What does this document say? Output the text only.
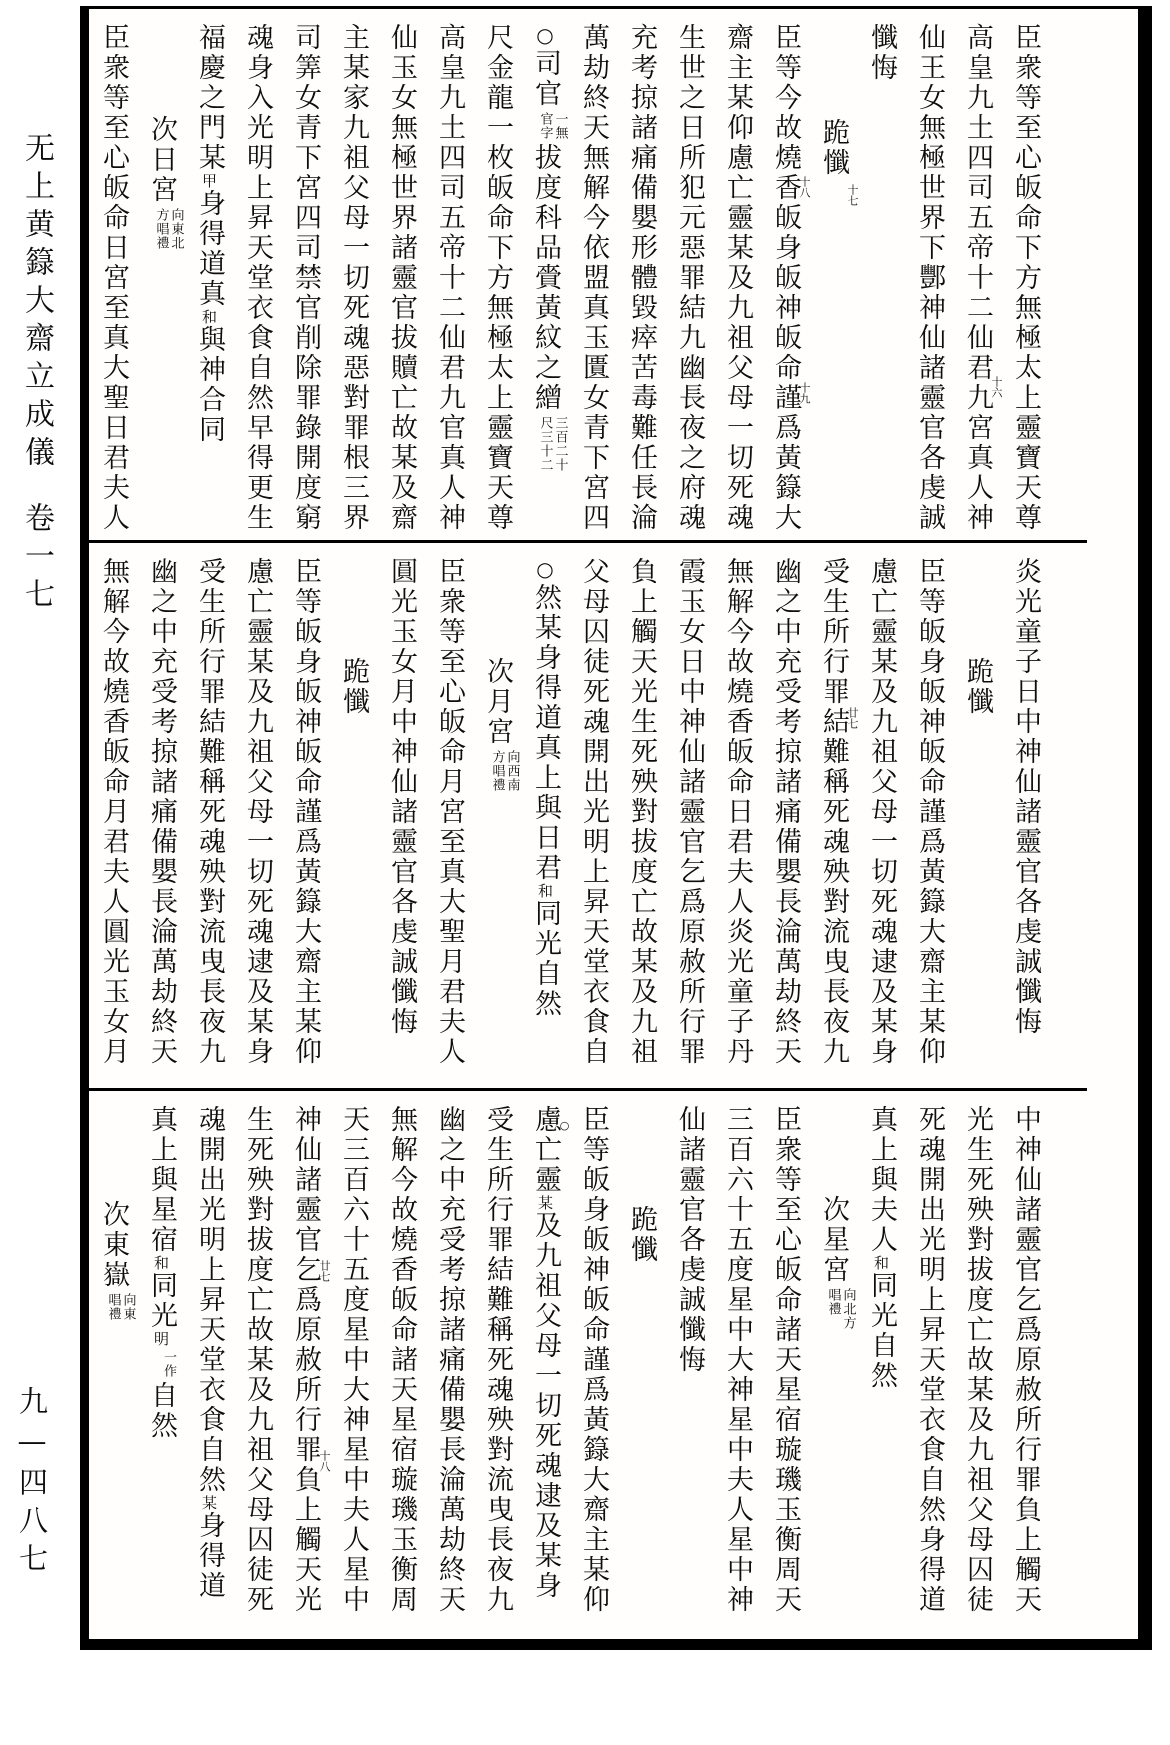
无上黄籙大齋立成儀卷一七
九—四八七
臣衆等至心皈命下方無極太上靈寶天尊
高皇九土四司五帝十二仙君九宮真人神
十六
仙王女無極世界下酆神仙諸靈官各虔誠
懺悔
跪懺
十七
臣等今故燒香皈身皈神皈命謹爲黃籙大
十八
十九
齋主某仰慮亡靈某及九祖父母一切死魂
生世之日所犯元惡罪結九幽長夜之府魂
充考掠諸痛備嬰形體毀瘁苦毒難任長淪
萬劫終天無解今依盟真玉匱女青下宮四
○司官
一無
官字
拔度科品賫黃紋之繒
三百二十
尺三十二
尺金龍一枚皈命下方無極太上靈寶天尊
高皇九土四司五帝十二仙君九官真人神
仙玉女無極世界諸靈官拔贖亡故某及齋
主某家九祖父母一切死魂惡對罪根三界
司筭女青下宮四司禁官削除罪錄開度窮
魂身入光明上昇天堂衣食自然早得更生
福慶之門某甲身得道真和與神合同
次日宮
向東北
方唱禮
臣衆等至心皈命日宮至真大聖日君夫人
炎光童子日中神仙諸靈官各虔誠懺悔
跪懺
臣等皈身皈神皈命謹爲黃籙大齋主某仰
慮亡靈某及九祖父母一切死魂逮及某身
受生所行罪結難稱死魂殃對流曳長夜九
廿七
幽之中充受考掠諸痛備嬰長淪萬劫終天
無解今故燒香皈命日君夫人炎光童子丹
霞玉女日中神仙諸靈官乞爲原赦所行罪
負上觸天光生死殃對拔度亡故某及九祖
父母囚徒死魂開出光明上昇天堂衣食自
○然某身得道真上與日君和同光自然
次月宮
向西南
方唱禮
臣衆等至心皈命月宮至真大聖月君夫人
圓光玉女月中神仙諸靈官各虔誠懺悔
跪懺
臣等皈身皈神皈命謹爲黃籙大齋主某仰
慮亡靈某及九祖父母一切死魂逮及某身
受生所行罪結難稱死魂殃對流曳長夜九
幽之中充受考掠諸痛備嬰長淪萬劫終天
無解今故燒香皈命月君夫人圓光玉女月
中神仙諸靈官乞爲原赦所行罪負上觸天
光生死殃對拔度亡故某及九祖父母囚徒
死魂開出光明上昇天堂衣食自然身得道
真上與夫人和同光自然
次星宮
向北方
唱禮
臣衆等至心皈命諸天星宿璇璣玉衡周天
三百六十五度星中大神星中夫人星中神
仙諸靈官各虔誠懺悔
跪懺
臣等皈身皈神皈命謹爲黃籙大齋主某仰
○
慮亡靈某及九祖父母一切死魂逮及某身
受生所行罪結難稱死魂殃對流曳長夜九
幽之中充受考掠諸痛備嬰長淪萬劫終天
無解今故燒香皈命諸天星宿璇璣玉衡周
天三百六十五度星中大神星中夫人星中
神仙諸靈官乞爲原赦所行罪負上觸天光
廿七
十八
生死殃對拔度亡故某及九祖父母囚徒死
魂開出光明上昇天堂衣食自然某身得道
真上與星宿和同光明
一作
自然
次東嶽
向東
唱禮
